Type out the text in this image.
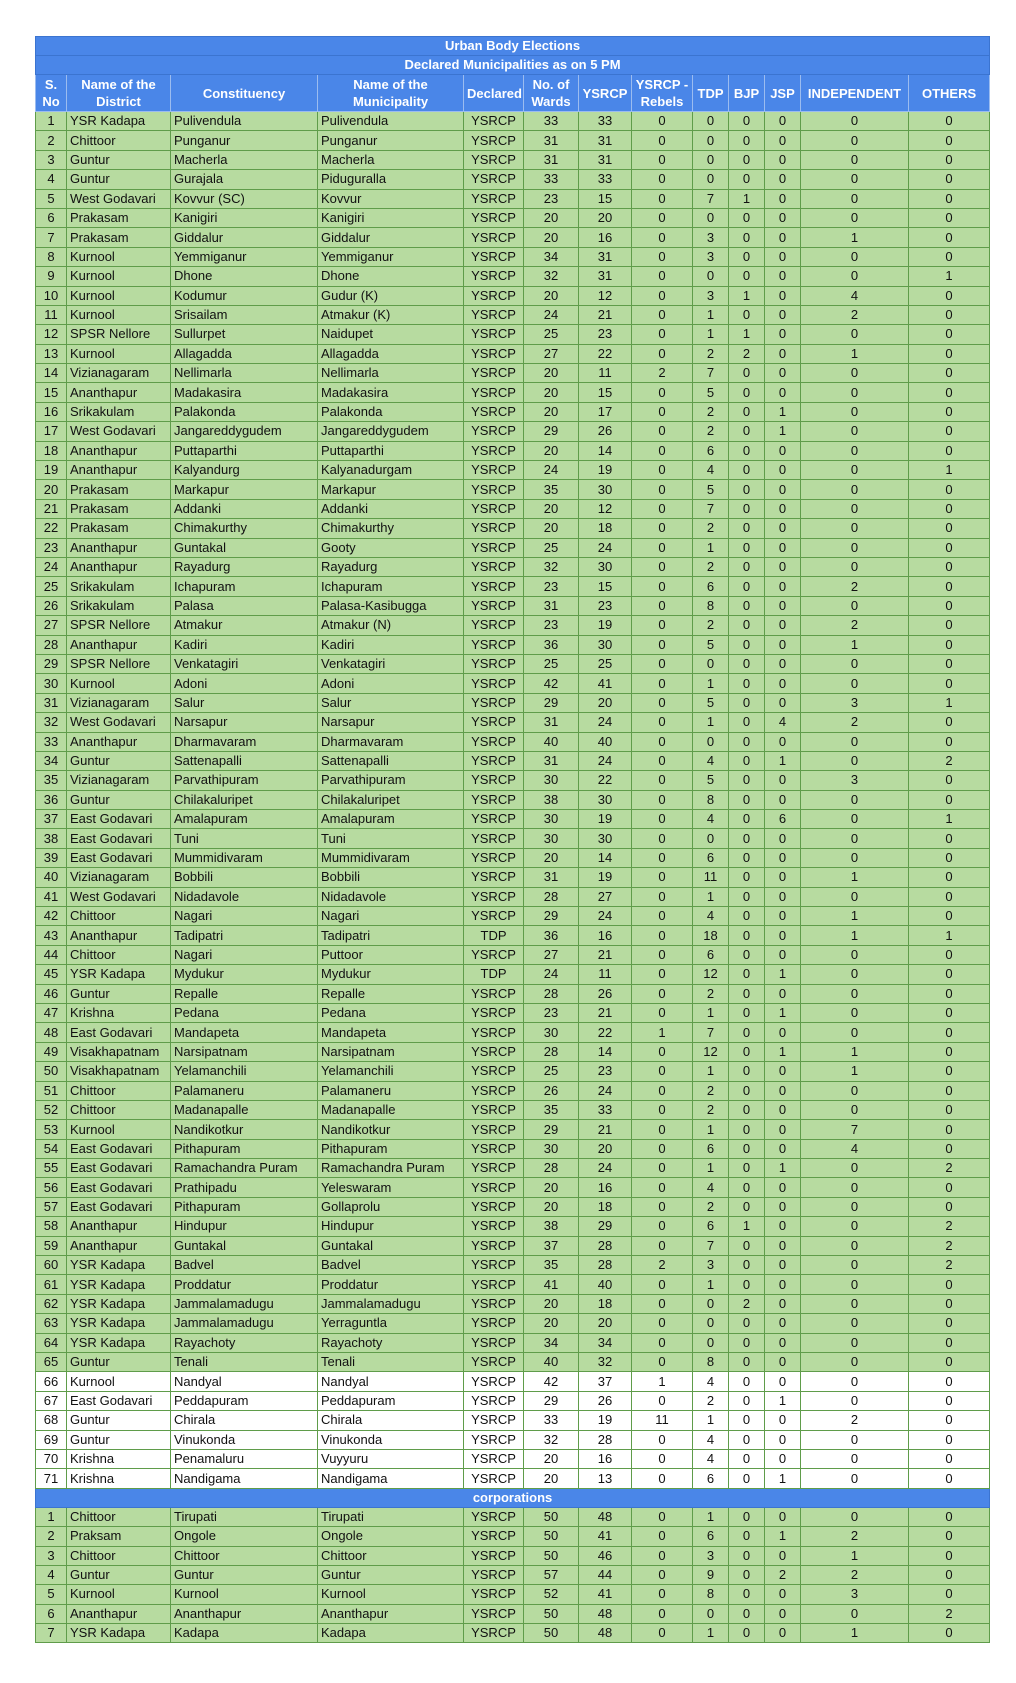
Urban Body Elections												
Declared Municipalities as on 5 PM												
S. No	Name of the District	Constituency	Name of the Municipality	Declared	No. of Wards	YSRCP	YSRCP - Rebels	TDP	BJP	JSP	INDEPENDENT	OTHERS
1	YSR Kadapa	Pulivendula	Pulivendula	YSRCP	33	33	0	0	0	0	0	0
2	Chittoor	Punganur	Punganur	YSRCP	31	31	0	0	0	0	0	0
3	Guntur	Macherla	Macherla	YSRCP	31	31	0	0	0	0	0	0
4	Guntur	Gurajala	Piduguralla	YSRCP	33	33	0	0	0	0	0	0
5	West Godavari	Kovvur (SC)	Kovvur	YSRCP	23	15	0	7	1	0	0	0
6	Prakasam	Kanigiri	Kanigiri	YSRCP	20	20	0	0	0	0	0	0
7	Prakasam	Giddalur	Giddalur	YSRCP	20	16	0	3	0	0	1	0
8	Kurnool	Yemmiganur	Yemmiganur	YSRCP	34	31	0	3	0	0	0	0
9	Kurnool	Dhone	Dhone	YSRCP	32	31	0	0	0	0	0	1
10	Kurnool	Kodumur	Gudur (K)	YSRCP	20	12	0	3	1	0	4	0
11	Kurnool	Srisailam	Atmakur (K)	YSRCP	24	21	0	1	0	0	2	0
12	SPSR Nellore	Sullurpet	Naidupet	YSRCP	25	23	0	1	1	0	0	0
13	Kurnool	Allagadda	Allagadda	YSRCP	27	22	0	2	2	0	1	0
14	Vizianagaram	Nellimarla	Nellimarla	YSRCP	20	11	2	7	0	0	0	0
15	Ananthapur	Madakasira	Madakasira	YSRCP	20	15	0	5	0	0	0	0
16	Srikakulam	Palakonda	Palakonda	YSRCP	20	17	0	2	0	1	0	0
17	West Godavari	Jangareddygudem	Jangareddygudem	YSRCP	29	26	0	2	0	1	0	0
18	Ananthapur	Puttaparthi	Puttaparthi	YSRCP	20	14	0	6	0	0	0	0
19	Ananthapur	Kalyandurg	Kalyanadurgam	YSRCP	24	19	0	4	0	0	0	1
20	Prakasam	Markapur	Markapur	YSRCP	35	30	0	5	0	0	0	0
21	Prakasam	Addanki	Addanki	YSRCP	20	12	0	7	0	0	0	0
22	Prakasam	Chimakurthy	Chimakurthy	YSRCP	20	18	0	2	0	0	0	0
23	Ananthapur	Guntakal	Gooty	YSRCP	25	24	0	1	0	0	0	0
24	Ananthapur	Rayadurg	Rayadurg	YSRCP	32	30	0	2	0	0	0	0
25	Srikakulam	Ichapuram	Ichapuram	YSRCP	23	15	0	6	0	0	2	0
26	Srikakulam	Palasa	Palasa-Kasibugga	YSRCP	31	23	0	8	0	0	0	0
27	SPSR Nellore	Atmakur	Atmakur (N)	YSRCP	23	19	0	2	0	0	2	0
28	Ananthapur	Kadiri	Kadiri	YSRCP	36	30	0	5	0	0	1	0
29	SPSR Nellore	Venkatagiri	Venkatagiri	YSRCP	25	25	0	0	0	0	0	0
30	Kurnool	Adoni	Adoni	YSRCP	42	41	0	1	0	0	0	0
31	Vizianagaram	Salur	Salur	YSRCP	29	20	0	5	0	0	3	1
32	West Godavari	Narsapur	Narsapur	YSRCP	31	24	0	1	0	4	2	0
33	Ananthapur	Dharmavaram	Dharmavaram	YSRCP	40	40	0	0	0	0	0	0
34	Guntur	Sattenapalli	Sattenapalli	YSRCP	31	24	0	4	0	1	0	2
35	Vizianagaram	Parvathipuram	Parvathipuram	YSRCP	30	22	0	5	0	0	3	0
36	Guntur	Chilakaluripet	Chilakaluripet	YSRCP	38	30	0	8	0	0	0	0
37	East Godavari	Amalapuram	Amalapuram	YSRCP	30	19	0	4	0	6	0	1
38	East Godavari	Tuni	Tuni	YSRCP	30	30	0	0	0	0	0	0
39	East Godavari	Mummidivaram	Mummidivaram	YSRCP	20	14	0	6	0	0	0	0
40	Vizianagaram	Bobbili	Bobbili	YSRCP	31	19	0	11	0	0	1	0
41	West Godavari	Nidadavole	Nidadavole	YSRCP	28	27	0	1	0	0	0	0
42	Chittoor	Nagari	Nagari	YSRCP	29	24	0	4	0	0	1	0
43	Ananthapur	Tadipatri	Tadipatri	TDP	36	16	0	18	0	0	1	1
44	Chittoor	Nagari	Puttoor	YSRCP	27	21	0	6	0	0	0	0
45	YSR Kadapa	Mydukur	Mydukur	TDP	24	11	0	12	0	1	0	0
46	Guntur	Repalle	Repalle	YSRCP	28	26	0	2	0	0	0	0
47	Krishna	Pedana	Pedana	YSRCP	23	21	0	1	0	1	0	0
48	East Godavari	Mandapeta	Mandapeta	YSRCP	30	22	1	7	0	0	0	0
49	Visakhapatnam	Narsipatnam	Narsipatnam	YSRCP	28	14	0	12	0	1	1	0
50	Visakhapatnam	Yelamanchili	Yelamanchili	YSRCP	25	23	0	1	0	0	1	0
51	Chittoor	Palamaneru	Palamaneru	YSRCP	26	24	0	2	0	0	0	0
52	Chittoor	Madanapalle	Madanapalle	YSRCP	35	33	0	2	0	0	0	0
53	Kurnool	Nandikotkur	Nandikotkur	YSRCP	29	21	0	1	0	0	7	0
54	East Godavari	Pithapuram	Pithapuram	YSRCP	30	20	0	6	0	0	4	0
55	East Godavari	Ramachandra Puram	Ramachandra Puram	YSRCP	28	24	0	1	0	1	0	2
56	East Godavari	Prathipadu	Yeleswaram	YSRCP	20	16	0	4	0	0	0	0
57	East Godavari	Pithapuram	Gollaprolu	YSRCP	20	18	0	2	0	0	0	0
58	Ananthapur	Hindupur	Hindupur	YSRCP	38	29	0	6	1	0	0	2
59	Ananthapur	Guntakal	Guntakal	YSRCP	37	28	0	7	0	0	0	2
60	YSR Kadapa	Badvel	Badvel	YSRCP	35	28	2	3	0	0	0	2
61	YSR Kadapa	Proddatur	Proddatur	YSRCP	41	40	0	1	0	0	0	0
62	YSR Kadapa	Jammalamadugu	Jammalamadugu	YSRCP	20	18	0	0	2	0	0	0
63	YSR Kadapa	Jammalamadugu	Yerraguntla	YSRCP	20	20	0	0	0	0	0	0
64	YSR Kadapa	Rayachoty	Rayachoty	YSRCP	34	34	0	0	0	0	0	0
65	Guntur	Tenali	Tenali	YSRCP	40	32	0	8	0	0	0	0
66	Kurnool	Nandyal	Nandyal	YSRCP	42	37	1	4	0	0	0	0
67	East Godavari	Peddapuram	Peddapuram	YSRCP	29	26	0	2	0	1	0	0
68	Guntur	Chirala	Chirala	YSRCP	33	19	11	1	0	0	2	0
69	Guntur	Vinukonda	Vinukonda	YSRCP	32	28	0	4	0	0	0	0
70	Krishna	Penamaluru	Vuyyuru	YSRCP	20	16	0	4	0	0	0	0
71	Krishna	Nandigama	Nandigama	YSRCP	20	13	0	6	0	1	0	0
corporations												
1	Chittoor	Tirupati	Tirupati	YSRCP	50	48	0	1	0	0	0	0
2	Praksam	Ongole	Ongole	YSRCP	50	41	0	6	0	1	2	0
3	Chittoor	Chittoor	Chittoor	YSRCP	50	46	0	3	0	0	1	0
4	Guntur	Guntur	Guntur	YSRCP	57	44	0	9	0	2	2	0
5	Kurnool	Kurnool	Kurnool	YSRCP	52	41	0	8	0	0	3	0
6	Ananthapur	Ananthapur	Ananthapur	YSRCP	50	48	0	0	0	0	0	2
7	YSR Kadapa	Kadapa	Kadapa	YSRCP	50	48	0	1	0	0	1	0
